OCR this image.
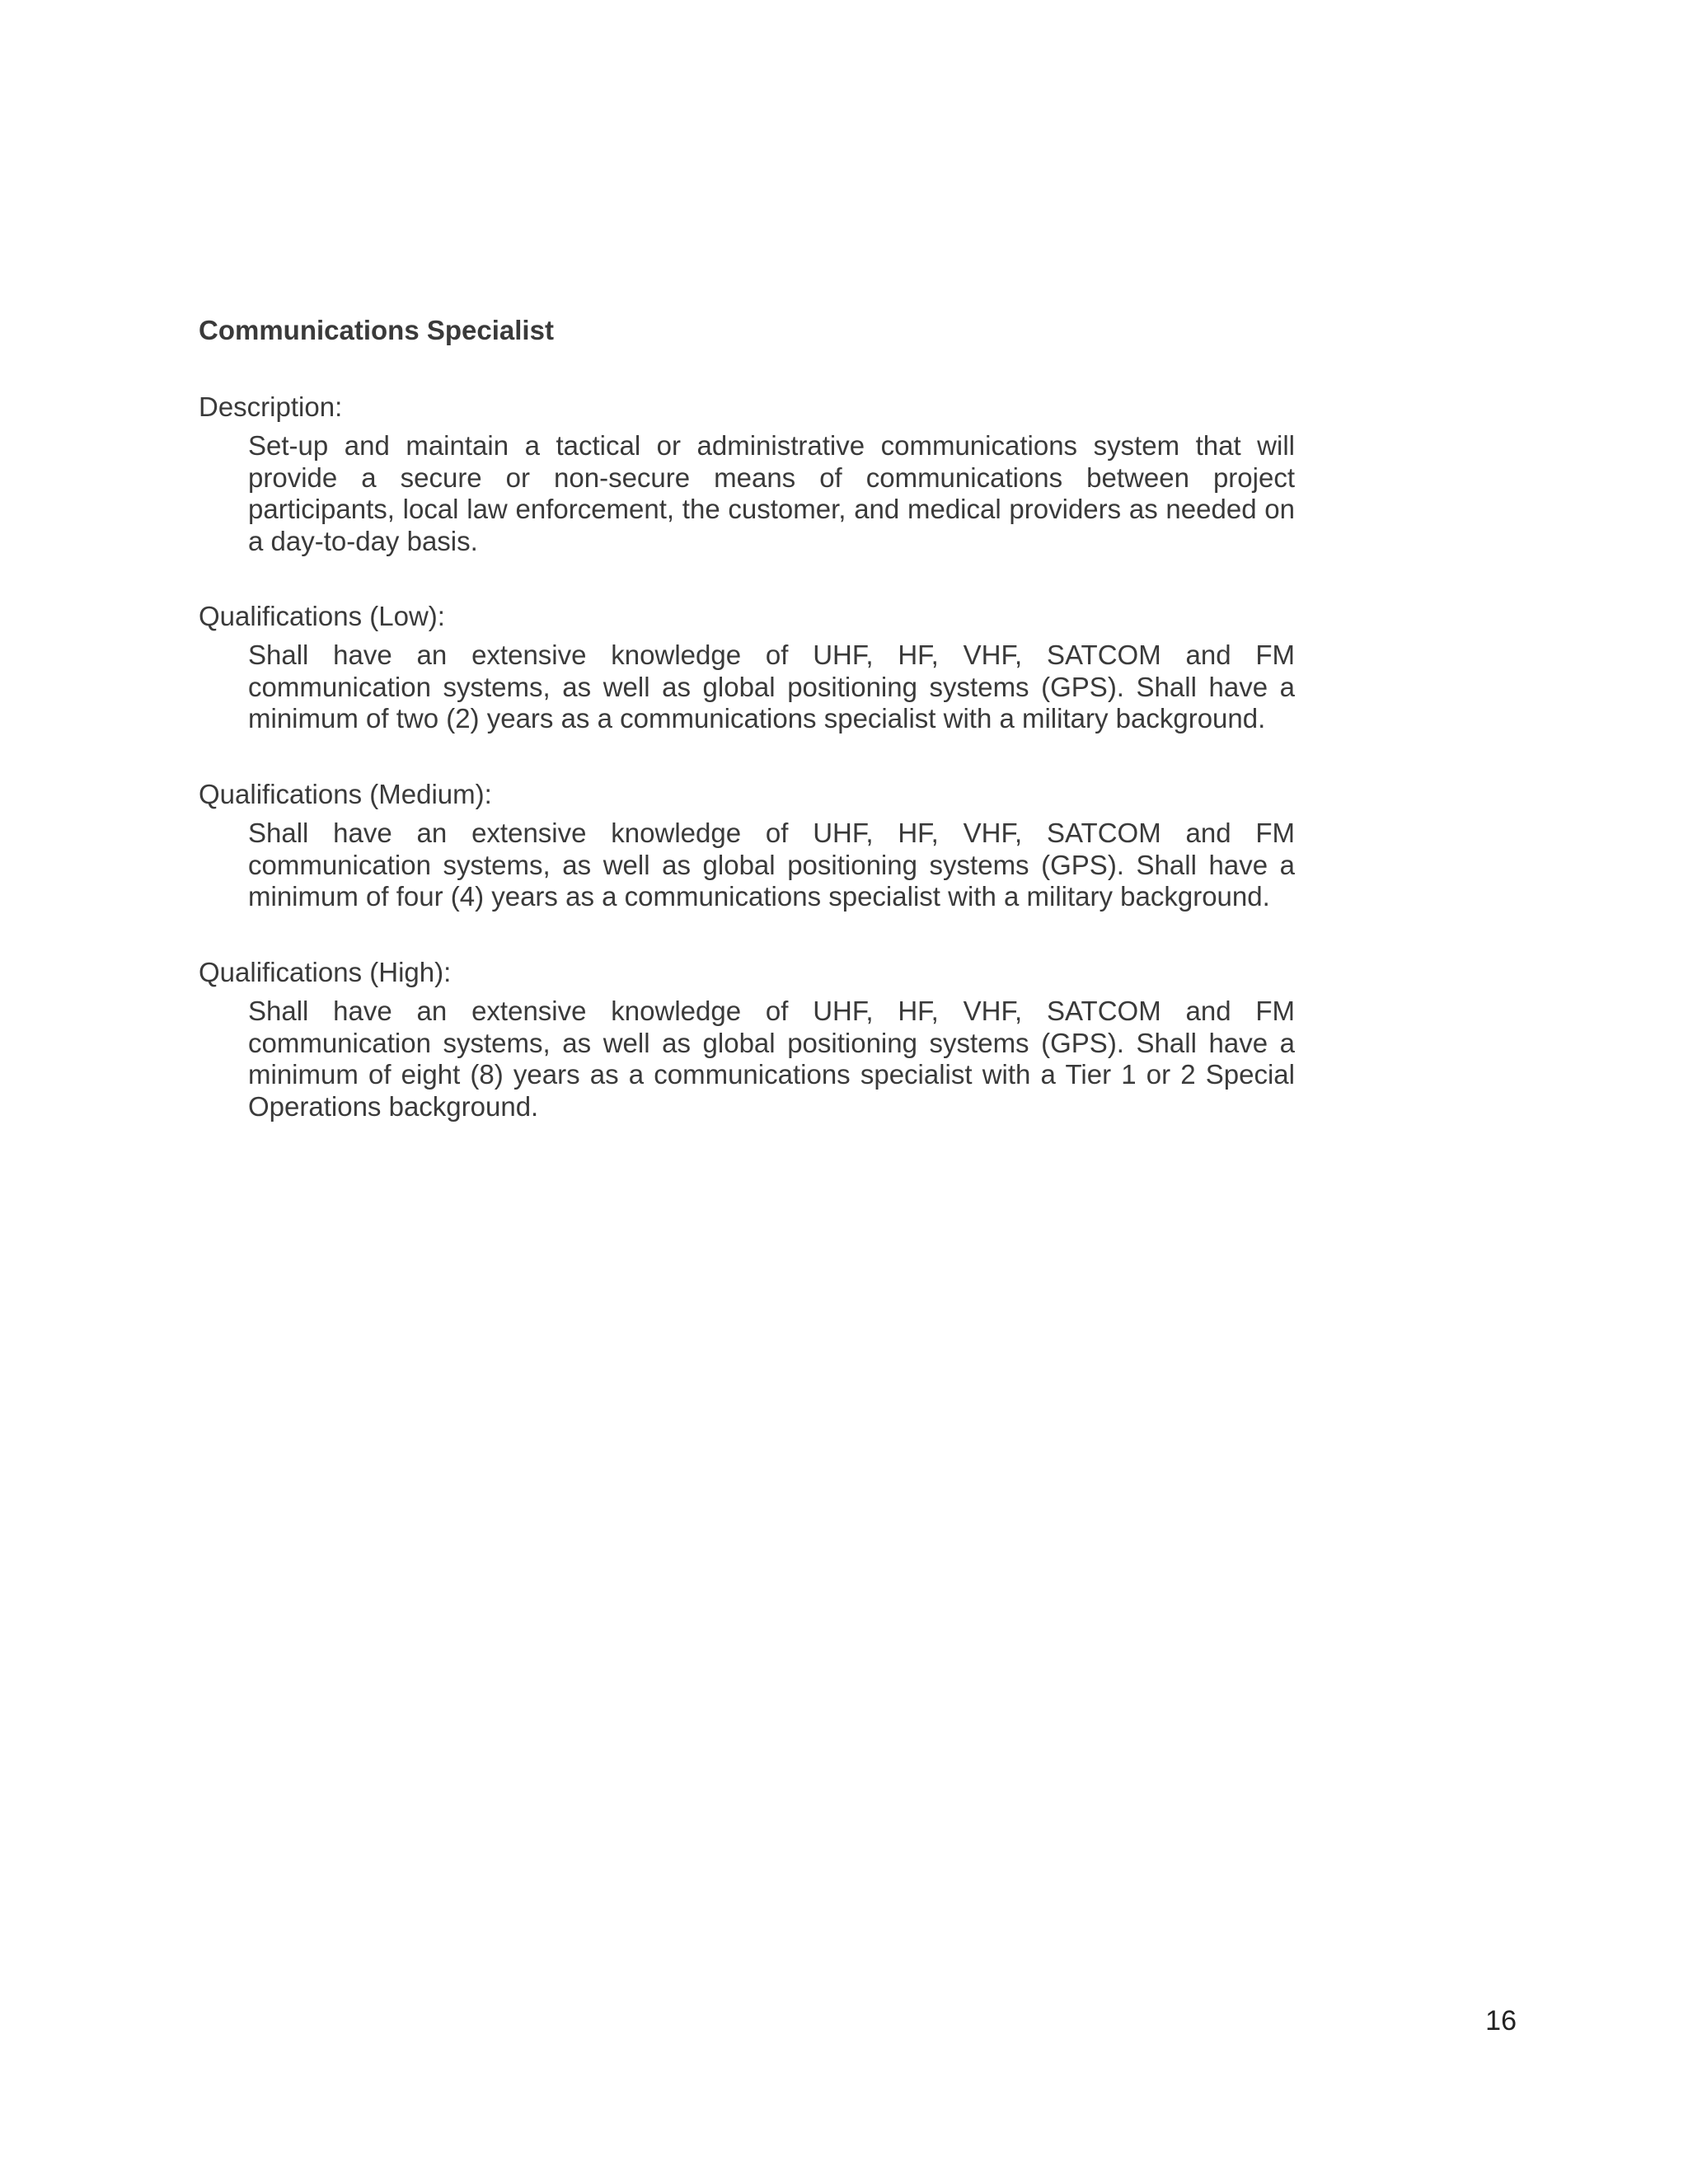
Communications Specialist

Description:

Set-up and maintain a tactical or administrative communications system that will provide a secure or non-secure means of communications between project participants, local law enforcement, the customer, and medical providers as needed on a day-to-day basis.

Qualifications (Low):

Shall have an extensive knowledge of UHF, HF, VHF, SATCOM and FM communication systems, as well as global positioning systems (GPS). Shall have a minimum of two (2) years as a communications specialist with a military background.

Qualifications (Medium):

Shall have an extensive knowledge of UHF, HF, VHF, SATCOM and FM communication systems, as well as global positioning systems (GPS). Shall have a minimum of four (4) years as a communications specialist with a military background.

Qualifications (High):

Shall have an extensive knowledge of UHF, HF, VHF, SATCOM and FM communication systems, as well as global positioning systems (GPS). Shall have a minimum of eight (8) years as a communications specialist with a Tier 1 or 2 Special Operations background.

16
